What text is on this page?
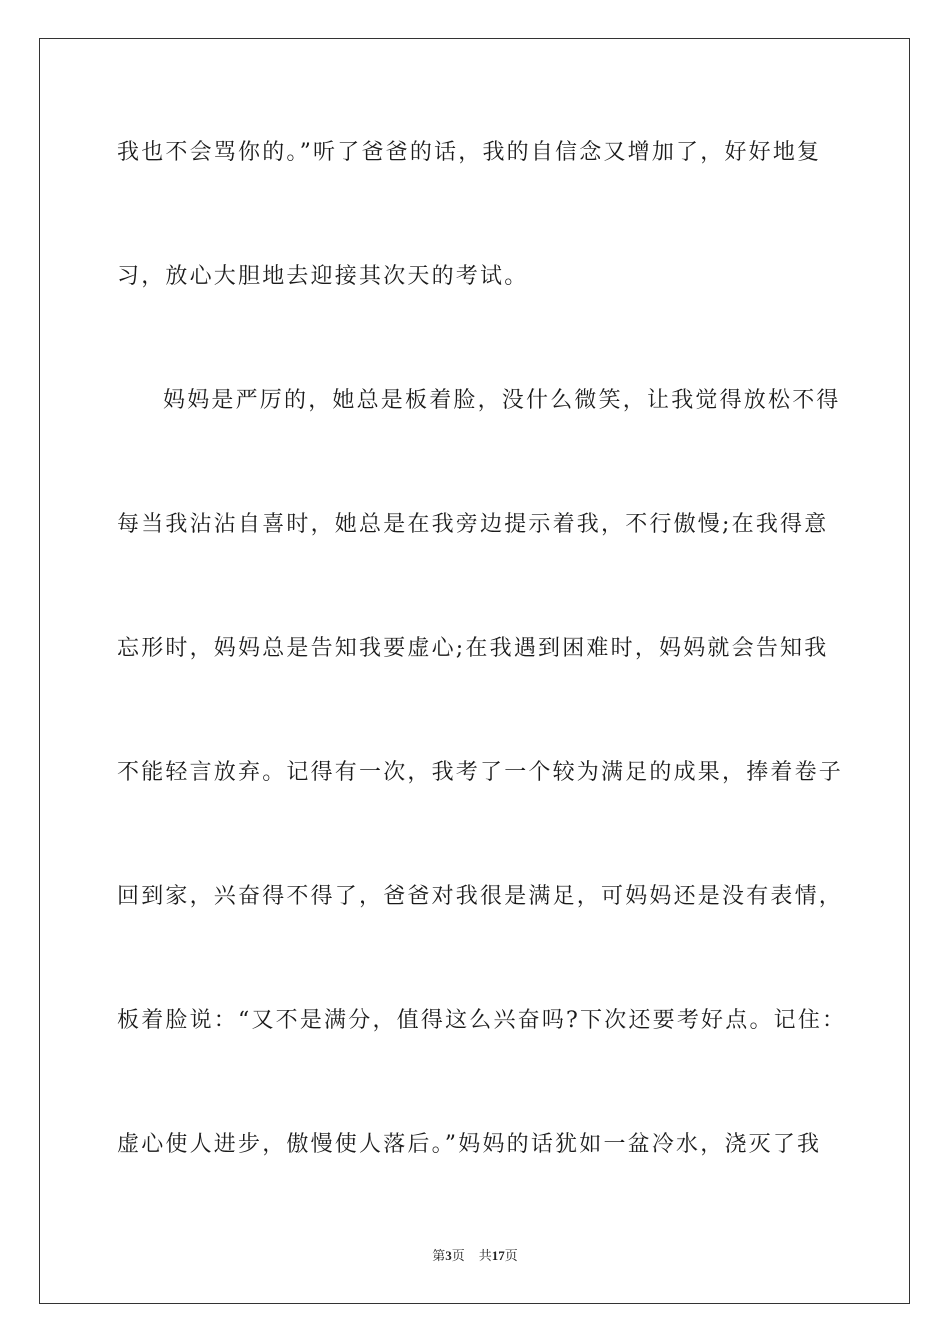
我也不会骂你的。”听了爸爸的话，我的自信念又增加了，好好地复
习，放心大胆地去迎接其次天的考试。
妈妈是严厉的，她总是板着脸，没什么微笑，让我觉得放松不得
每当我沾沾自喜时，她总是在我旁边提示着我，不行傲慢;在我得意
忘形时，妈妈总是告知我要虚心;在我遇到困难时，妈妈就会告知我
不能轻言放弃。记得有一次，我考了一个较为满足的成果，捧着卷子
回到家，兴奋得不得了，爸爸对我很是满足，可妈妈还是没有表情，
板着脸说：“又不是满分，值得这么兴奋吗?下次还要考好点。记住：
虚心使人进步，傲慢使人落后。”妈妈的话犹如一盆冷水，浇灭了我
第3页 共17页
